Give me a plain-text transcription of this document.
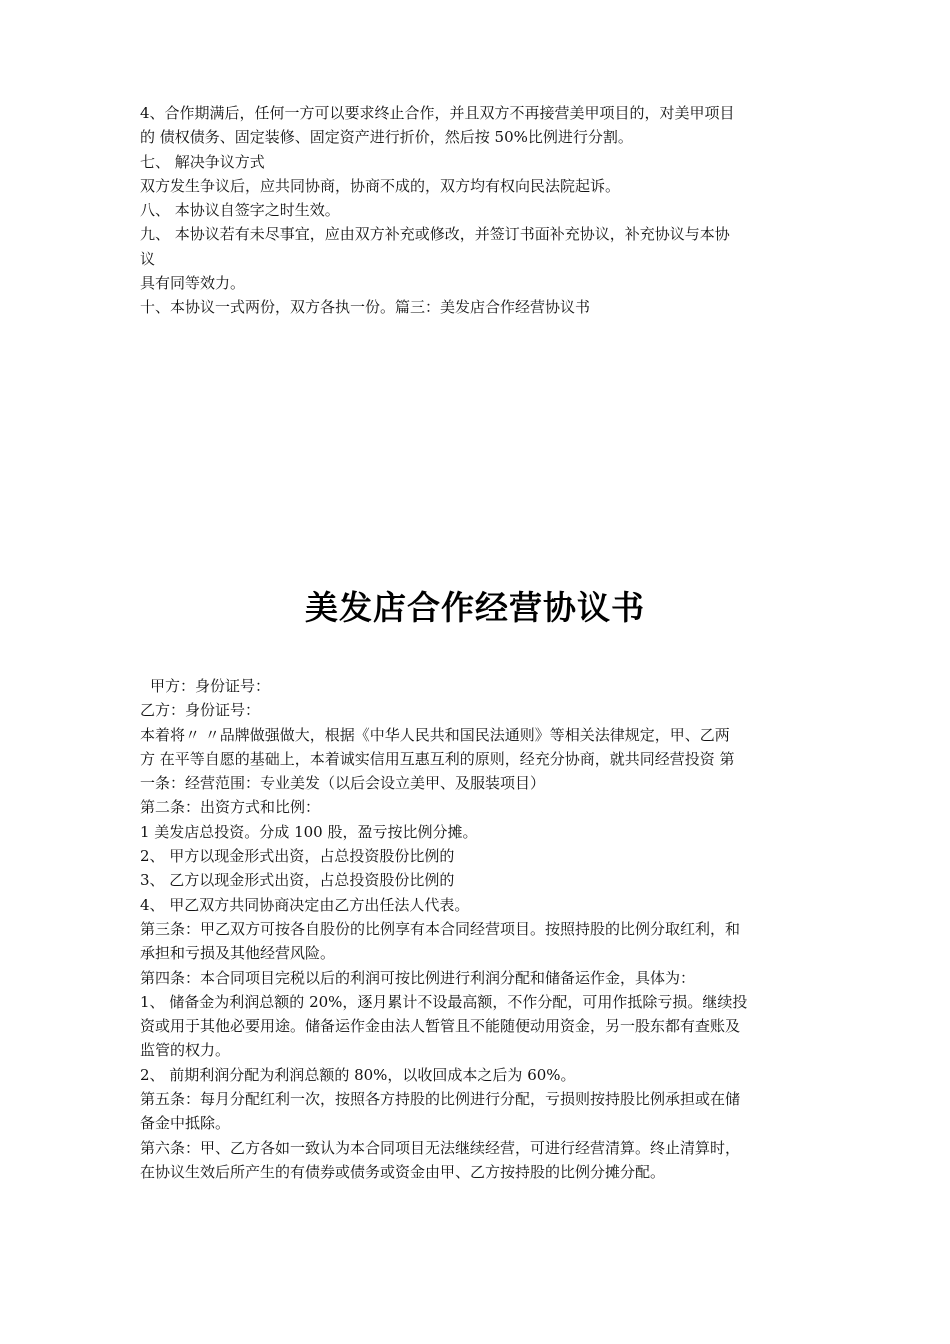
4、合作期满后，任何一方可以要求终止合作，并且双方不再接营美甲项目的，对美甲项目
的 债权债务、固定装修、固定资产进行折价，然后按 50%比例进行分割。
七、 解决争议方式
双方发生争议后，应共同协商，协商不成的，双方均有权向民法院起诉。
八、 本协议自签字之时生效。
九、 本协议若有未尽事宜，应由双方补充或修改，并签订书面补充协议，补充协议与本协
议
具有同等效力。
十、本协议一式两份，双方各执一份。篇三：美发店合作经营协议书
美发店合作经营协议书
甲方：身份证号：
乙方：身份证号：
本着将〃 〃品牌做强做大，根据《中华人民共和国民法通则》等相关法律规定，甲、乙两
方 在平等自愿的基础上，本着诚实信用互惠互利的原则，经充分协商，就共同经营投资 第
一条：经营范围：专业美发（以后会设立美甲、及服装项目）
第二条：出资方式和比例：
1 美发店总投资。分成 100 股，盈亏按比例分摊。
2、 甲方以现金形式出资，占总投资股份比例的
3、 乙方以现金形式出资，占总投资股份比例的
4、 甲乙双方共同协商决定由乙方出任法人代表。
第三条：甲乙双方可按各自股份的比例享有本合同经营项目。按照持股的比例分取红利，和
承担和亏损及其他经营风险。
第四条：本合同项目完税以后的利润可按比例进行利润分配和储备运作金，具体为：
1、 储备金为利润总额的 20%，逐月累计不设最高额，不作分配，可用作抵除亏损。继续投
资或用于其他必要用途。储备运作金由法人暂管且不能随便动用资金，另一股东都有查账及
监管的权力。
2、 前期利润分配为利润总额的 80%，以收回成本之后为 60%。
第五条：每月分配红利一次，按照各方持股的比例进行分配，亏损则按持股比例承担或在储
备金中抵除。
第六条：甲、乙方各如一致认为本合同项目无法继续经营，可进行经营清算。终止清算时，
在协议生效后所产生的有债券或债务或资金由甲、乙方按持股的比例分摊分配。
